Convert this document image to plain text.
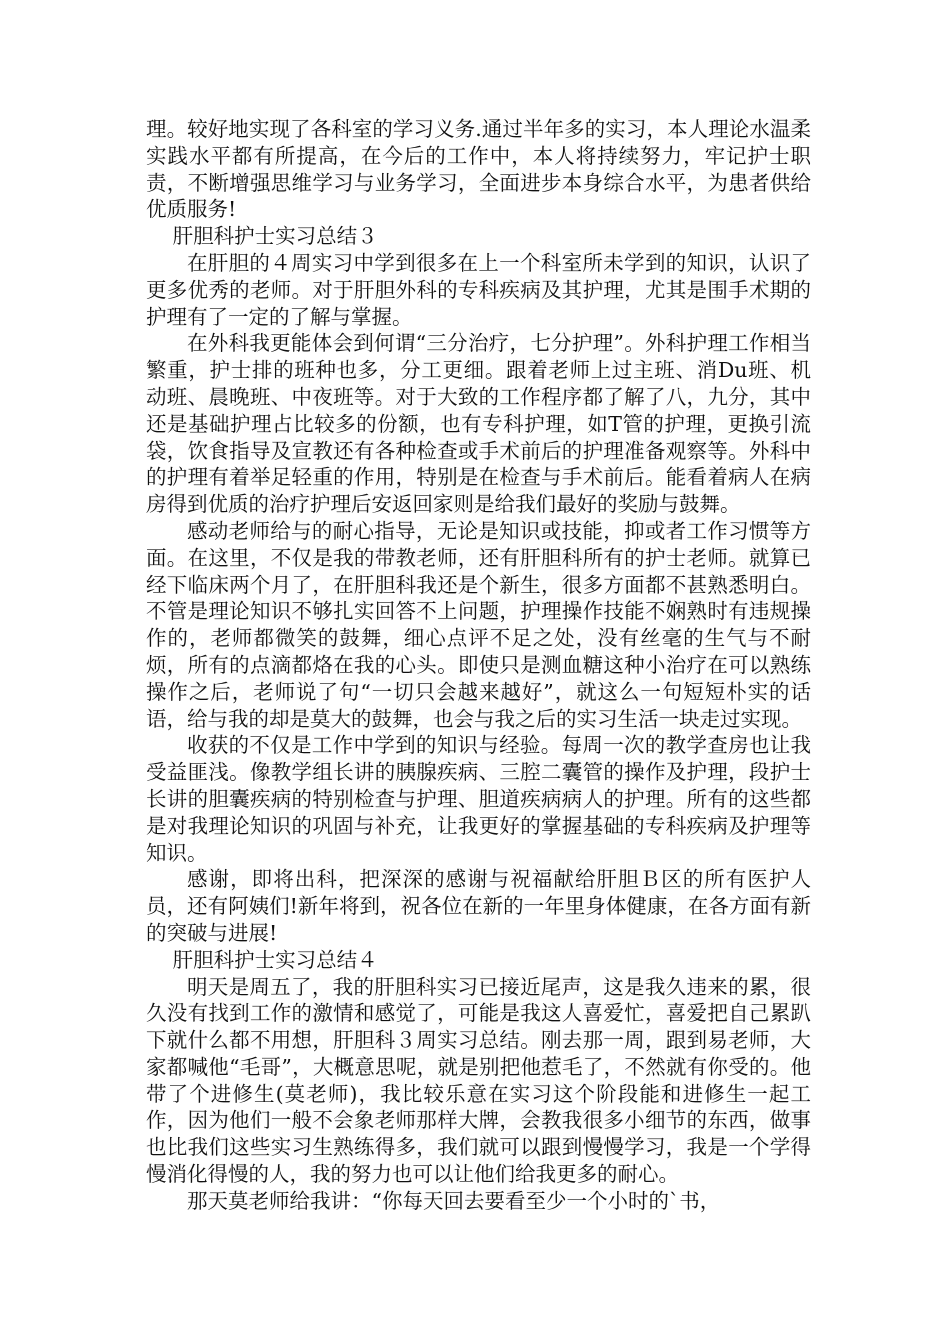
理。较好地实现了各科室的学习义务.通过半年多的实习，本人理论水温柔实践水平都有所提高，在今后的工作中，本人将持续努力，牢记护士职责，不断增强思维学习与业务学习，全面进步本身综合水平，为患者供给优质服务!

肝胆科护士实习总结３

在肝胆的４周实习中学到很多在上一个科室所未学到的知识，认识了更多优秀的老师。对于肝胆外科的专科疾病及其护理，尤其是围手术期的护理有了一定的了解与掌握。

在外科我更能体会到何谓“三分治疗，七分护理”。外科护理工作相当繁重，护士排的班种也多，分工更细。跟着老师上过主班、消Du班、机动班、晨晚班、中夜班等。对于大致的工作程序都了解了八，九分，其中还是基础护理占比较多的份额，也有专科护理，如T管的护理，更换引流袋，饮食指导及宣教还有各种检查或手术前后的护理准备观察等。外科中的护理有着举足轻重的作用，特别是在检查与手术前后。能看着病人在病房得到优质的治疗护理后安返回家则是给我们最好的奖励与鼓舞。

感动老师给与的耐心指导，无论是知识或技能，抑或者工作习惯等方面。在这里，不仅是我的带教老师，还有肝胆科所有的护士老师。就算已经下临床两个月了，在肝胆科我还是个新生，很多方面都不甚熟悉明白。不管是理论知识不够扎实回答不上问题，护理操作技能不娴熟时有违规操作的，老师都微笑的鼓舞，细心点评不足之处，没有丝毫的生气与不耐烦，所有的点滴都烙在我的心头。即使只是测血糖这种小治疗在可以熟练操作之后，老师说了句“一切只会越来越好”，就这么一句短短朴实的话语，给与我的却是莫大的鼓舞，也会与我之后的实习生活一块走过实现。

收获的不仅是工作中学到的知识与经验。每周一次的教学查房也让我受益匪浅。像教学组长讲的胰腺疾病、三腔二囊管的操作及护理，段护士长讲的胆囊疾病的特别检查与护理、胆道疾病病人的护理。所有的这些都是对我理论知识的巩固与补充，让我更好的掌握基础的专科疾病及护理等知识。

感谢，即将出科，把深深的感谢与祝福献给肝胆Ｂ区的所有医护人员，还有阿姨们!新年将到，祝各位在新的一年里身体健康，在各方面有新的突破与进展!

肝胆科护士实习总结４

明天是周五了，我的肝胆科实习已接近尾声，这是我久违来的累，很久没有找到工作的激情和感觉了，可能是我这人喜爱忙，喜爱把自己累趴下就什么都不用想，肝胆科３周实习总结。刚去那一周，跟到易老师，大家都喊他“毛哥”，大概意思呢，就是别把他惹毛了，不然就有你受的。他带了个进修生(莫老师)，我比较乐意在实习这个阶段能和进修生一起工作，因为他们一般不会象老师那样大牌，会教我很多小细节的东西，做事也比我们这些实习生熟练得多，我们就可以跟到慢慢学习，我是一个学得慢消化得慢的人，我的努力也可以让他们给我更多的耐心。

那天莫老师给我讲：“你每天回去要看至少一个小时的`书，
